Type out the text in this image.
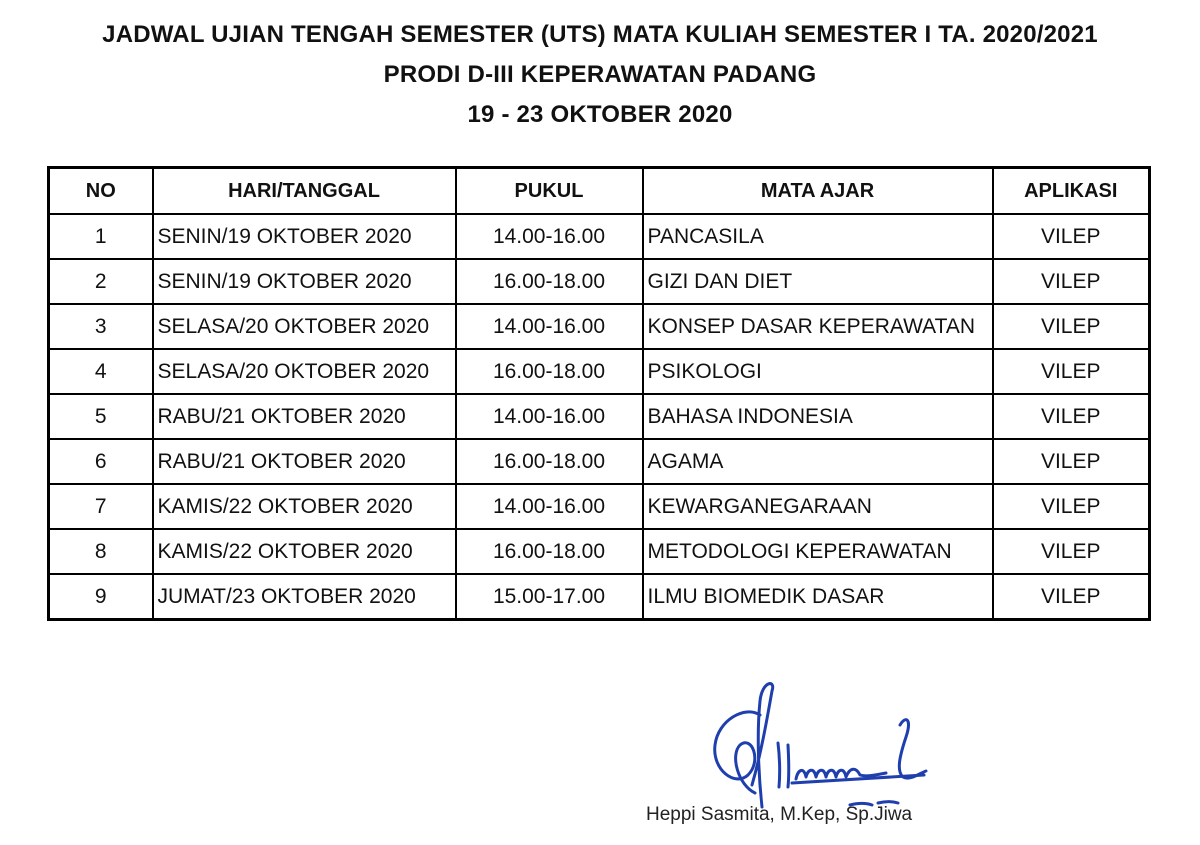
JADWAL UJIAN TENGAH SEMESTER (UTS) MATA KULIAH SEMESTER I TA. 2020/2021
PRODI D-III KEPERAWATAN PADANG
19 - 23 OKTOBER 2020
NO	HARI/TANGGAL	PUKUL	MATA AJAR	APLIKASI
1	SENIN/19 OKTOBER 2020	14.00-16.00	PANCASILA	VILEP
2	SENIN/19 OKTOBER 2020	16.00-18.00	GIZI DAN DIET	VILEP
3	SELASA/20 OKTOBER 2020	14.00-16.00	KONSEP DASAR KEPERAWATAN	VILEP
4	SELASA/20 OKTOBER 2020	16.00-18.00	PSIKOLOGI	VILEP
5	RABU/21 OKTOBER 2020	14.00-16.00	BAHASA INDONESIA	VILEP
6	RABU/21 OKTOBER 2020	16.00-18.00	AGAMA	VILEP
7	KAMIS/22 OKTOBER 2020	14.00-16.00	KEWARGANEGARAAN	VILEP
8	KAMIS/22 OKTOBER 2020	16.00-18.00	METODOLOGI KEPERAWATAN	VILEP
9	JUMAT/23 OKTOBER 2020	15.00-17.00	ILMU BIOMEDIK DASAR	VILEP
Heppi Sasmita, M.Kep, Sp.Jiwa
